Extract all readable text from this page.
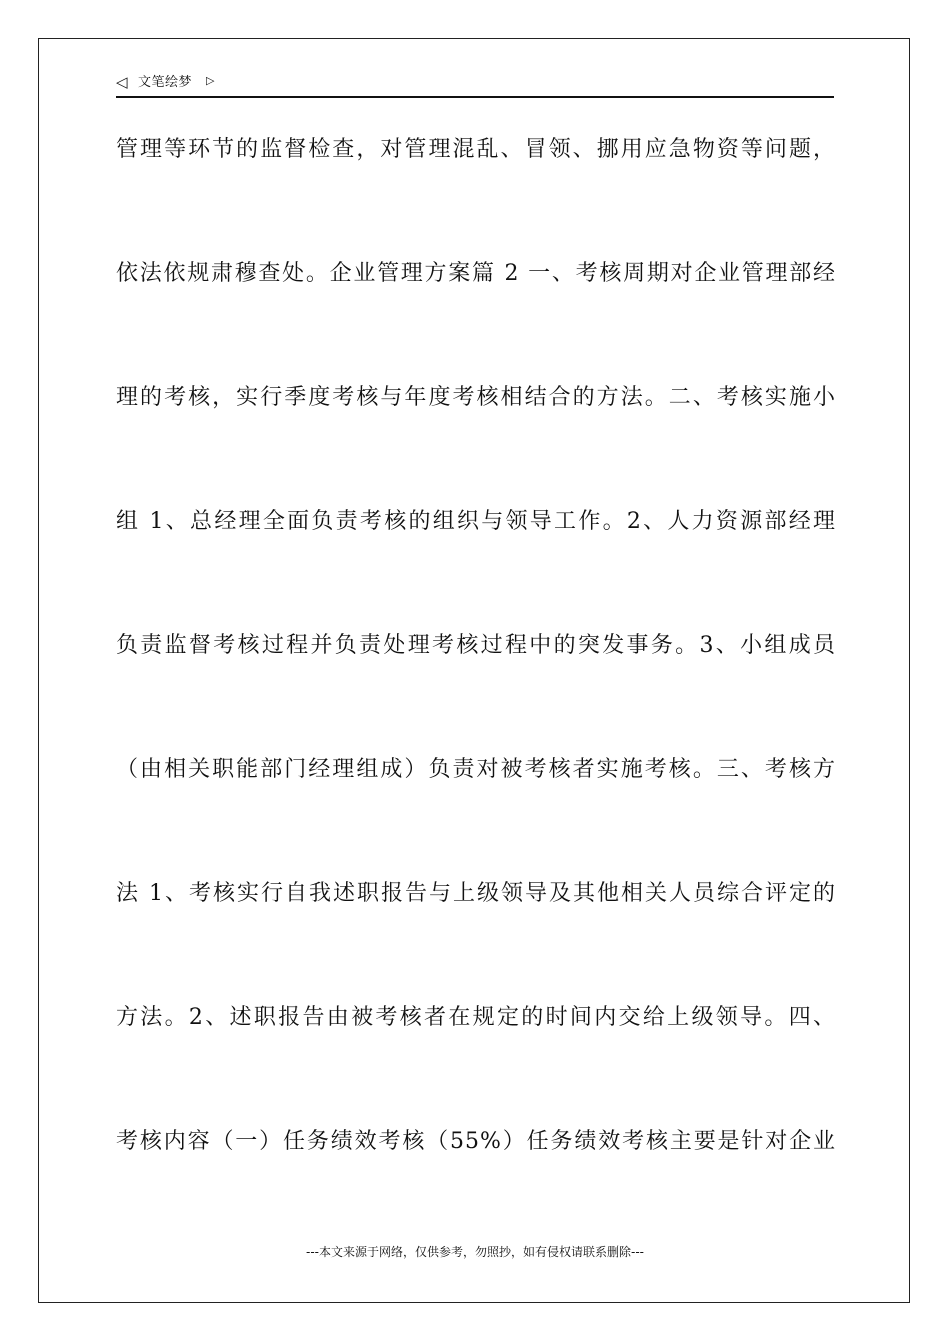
◁ 文笔绘梦 ▷
管理等环节的监督检查，对管理混乱、冒领、挪用应急物资等问题，
依法依规肃穆查处。企业管理方案篇 2 一、考核周期对企业管理部经
理的考核，实行季度考核与年度考核相结合的方法。二、考核实施小
组 1、总经理全面负责考核的组织与领导工作。2、人力资源部经理
负责监督考核过程并负责处理考核过程中的突发事务。3、小组成员
（由相关职能部门经理组成）负责对被考核者实施考核。三、考核方
法 1、考核实行自我述职报告与上级领导及其他相关人员综合评定的
方法。2、述职报告由被考核者在规定的时间内交给上级领导。四、
考核内容（一）任务绩效考核（55%）任务绩效考核主要是针对企业
---本文来源于网络，仅供参考，勿照抄，如有侵权请联系删除---
